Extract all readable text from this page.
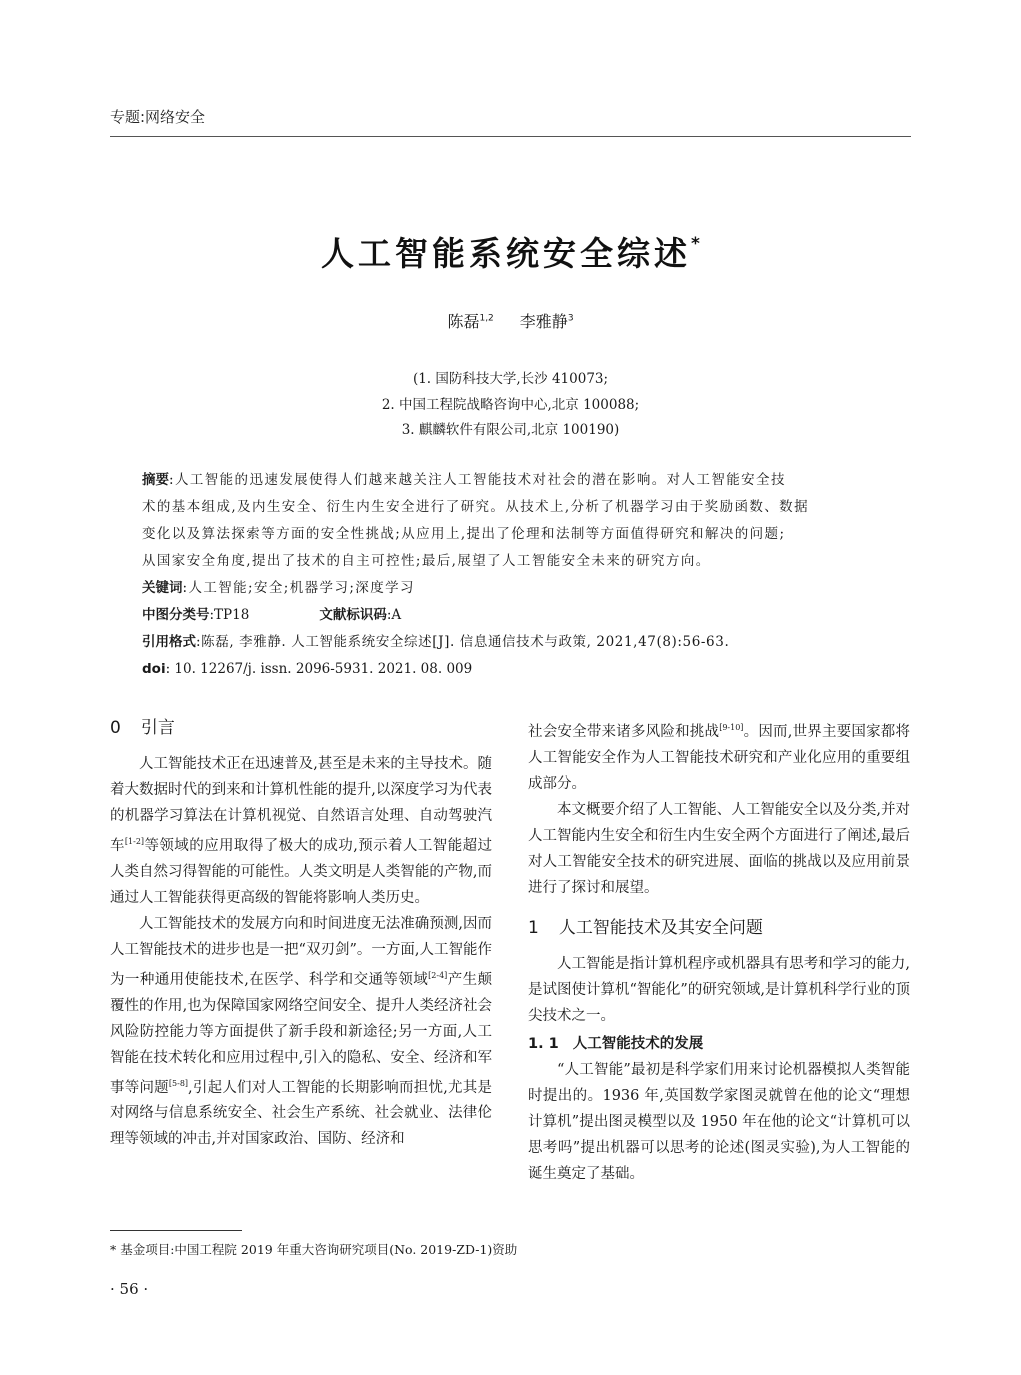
专题:网络安全
人工智能系统安全综述*
陈磊$^{1,2}$ 李雅静$^3$
(1. 国防科技大学,长沙 410073;
2. 中国工程院战略咨询中心,北京 100088;
3. 麒麟软件有限公司,北京 100190)
摘要:人工智能的迅速发展使得人们越来越关注人工智能技术对社会的潜在影响。对人工智能安全技
术的基本组成,及内生安全、衍生内生安全进行了研究。从技术上,分析了机器学习由于奖励函数、数据
变化以及算法探索等方面的安全性挑战;从应用上,提出了伦理和法制等方面值得研究和解决的问题;
从国家安全角度,提出了技术的自主可控性;最后,展望了人工智能安全未来的研究方向。
关键词:人工智能;安全;机器学习;深度学习
中图分类号:TP18	文献标识码:A
引用格式:陈磊, 李雅静. 人工智能系统安全综述[J]. 信息通信技术与政策, 2021,47(8):56-63.
doi: 10. 12267/j. issn. 2096-5931. 2021. 08. 009
0 引言

人工智能技术正在迅速普及,甚至是未来的主导技术。随着大数据时代的到来和计算机性能的提升,以深度学习为代表的机器学习算法在计算机视觉、自然语言处理、自动驾驶汽车[1-2]等领域的应用取得了极大的成功,预示着人工智能超过人类自然习得智能的可能性。人类文明是人类智能的产物,而通过人工智能获得更高级的智能将影响人类历史。

人工智能技术的发展方向和时间进度无法准确预测,因而人工智能技术的进步也是一把“双刃剑”。一方面,人工智能作为一种通用使能技术,在医学、科学和交通等领域[2-4]产生颠覆性的作用,也为保障国家网络空间安全、提升人类经济社会风险防控能力等方面提供了新手段和新途径;另一方面,人工智能在技术转化和应用过程中,引入的隐私、安全、经济和军事等问题[5-8],引起人们对人工智能的长期影响而担忧,尤其是对网络与信息系统安全、社会生产系统、社会就业、法律伦理等领域的冲击,并对国家政治、国防、经济和

社会安全带来诸多风险和挑战[9-10]。因而,世界主要国家都将人工智能安全作为人工智能技术研究和产业化应用的重要组成部分。

本文概要介绍了人工智能、人工智能安全以及分类,并对人工智能内生安全和衍生内生安全两个方面进行了阐述,最后对人工智能安全技术的研究进展、面临的挑战以及应用前景进行了探讨和展望。

1 人工智能技术及其安全问题

人工智能是指计算机程序或机器具有思考和学习的能力,是试图使计算机“智能化”的研究领域,是计算机科学行业的顶尖技术之一。

1. 1 人工智能技术的发展

“人工智能”最初是科学家们用来讨论机器模拟人类智能时提出的。1936 年,英国数学家图灵就曾在他的论文“理想计算机”提出图灵模型以及 1950 年在他的论文“计算机可以思考吗”提出机器可以思考的论述(图灵实验),为人工智能的诞生奠定了基础。

* 基金项目:中国工程院 2019 年重大咨询研究项目(No. 2019-ZD-1)资助
· 56 ·
